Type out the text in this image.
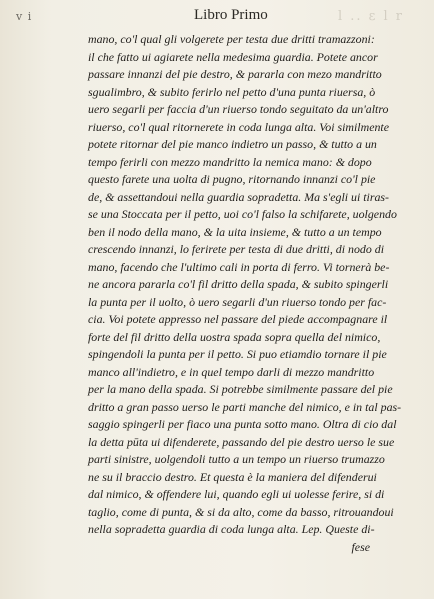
v i	Libro Primo	l .. ε l r
mano, co'l qual gli volgerete per testa due dritti tramazzoni:
il che fatto ui agiarete nella medesima guardia. Potete ancor
passare innanzi del pie destro, & pararla con mezo mandritto
sgualimbro, & subito ferirlo nel petto d'una punta riuersa, ò
uero segarli per faccia d'un riuerso tondo seguitato da un'altro
riuerso, co'l qual ritornerete in coda lunga alta. Voi similmente
potete ritornar del pie manco indietro un passo, & tutto a un
tempo ferirli con mezzo mandritto la nemica mano: & dopo
questo farete una uolta di pugno, ritornando innanzi co'l pie
de, & assettandoui nella guardia sopradetta. Ma s'egli ui tiras-
se una Stoccata per il petto, uoi co'l falso la schifarete, uolgendo
ben il nodo della mano, & la uita insieme, & tutto a un tempo
crescendo innanzi, lo ferirete per testa di due dritti, di nodo di
mano, facendo che l'ultimo cali in porta di ferro. Vi tornerà be-
ne ancora pararla co'l fil dritto della spada, & subito spingerli
la punta per il uolto, ò uero segarli d'un riuerso tondo per fac-
cia. Voi potete appresso nel passare del piede accompagnare il
forte del fil dritto della uostra spada sopra quella del nimico,
spingendoli la punta per il petto. Si puo etiamdio tornare il pie
manco all'indietro, e in quel tempo darli di mezzo mandritto
per la mano della spada. Si potrebbe similmente passare del pie
dritto a gran passo uerso le parti manche del nimico, e in tal pas-
saggio spingerli per fiaco una punta sotto mano. Oltra di cio dal
la detta pūta ui difenderete, passando del pie destro uerso le sue
parti sinistre, uolgendoli tutto a un tempo un riuerso trumazzo
ne su il braccio destro. Et questa è la maniera del difenderui
dal nimico, & offendere lui, quando egli ui uolesse ferire, si di
taglio, come di punta, & si da alto, come da basso, ritrouandoui
nella sopradetta guardia di coda lunga alta. Lep. Queste di-
fese
